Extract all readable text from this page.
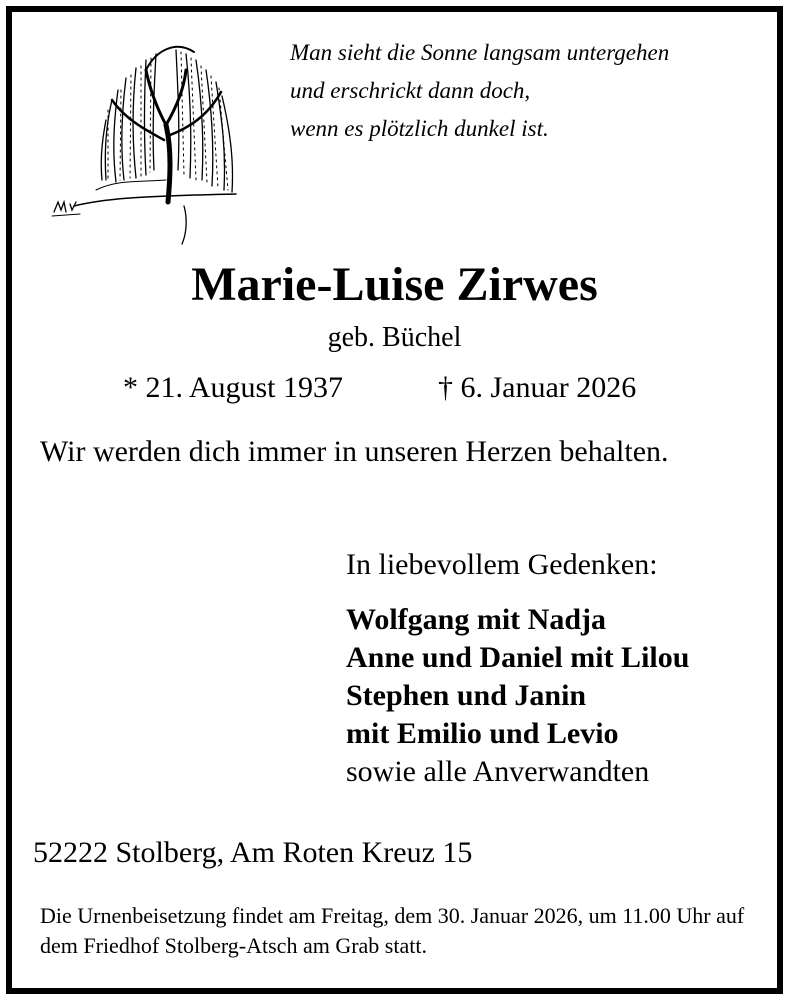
Man sieht die Sonne langsam untergehen
und erschrickt dann doch,
wenn es plötzlich dunkel ist.
Marie-Luise Zirwes
geb. Büchel
* 21. August 1937	† 6. Januar 2026
Wir werden dich immer in unseren Herzen behalten.
In liebevollem Gedenken:
Wolfgang mit Nadja
Anne und Daniel mit Lilou
Stephen und Janin
mit Emilio und Levio
sowie alle Anverwandten
52222 Stolberg, Am Roten Kreuz 15
Die Urnenbeisetzung findet am Freitag, dem 30. Januar 2026, um 11.00 Uhr auf dem Friedhof Stolberg-Atsch am Grab statt.
